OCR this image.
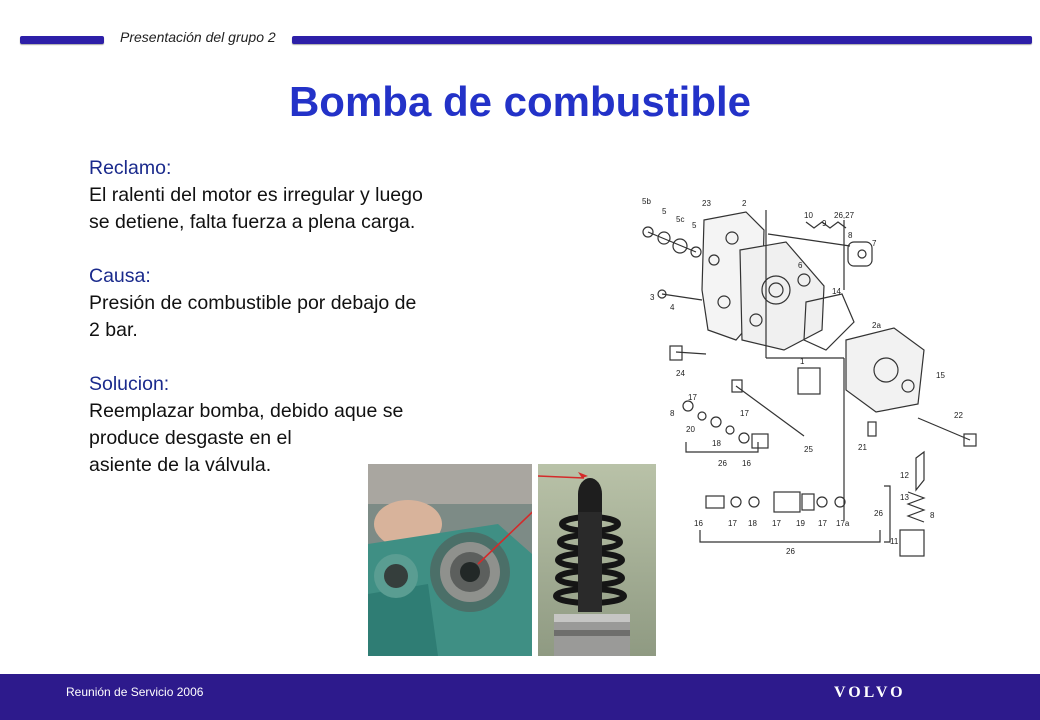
Presentación del grupo 2
Bomba de combustible
Reclamo:
El ralenti del motor es irregular y luego
se detiene, falta fuerza a plena carga.
Causa:
Presión de combustible por debajo de
2 bar.
Solucion:
Reemplazar bomba, debido aque se
produce desgaste en el
asiente de la válvula.
5b
5
5c
5
23	2
10
9
26,27
8
7
6
3
4
14
2a
24
1
15
17
17
8
20
18
25	21
22
26 16
12
13
26	8
11
16	17 18 17 19 17 17a
26
Reunión de Servicio 2006	VOLVO
